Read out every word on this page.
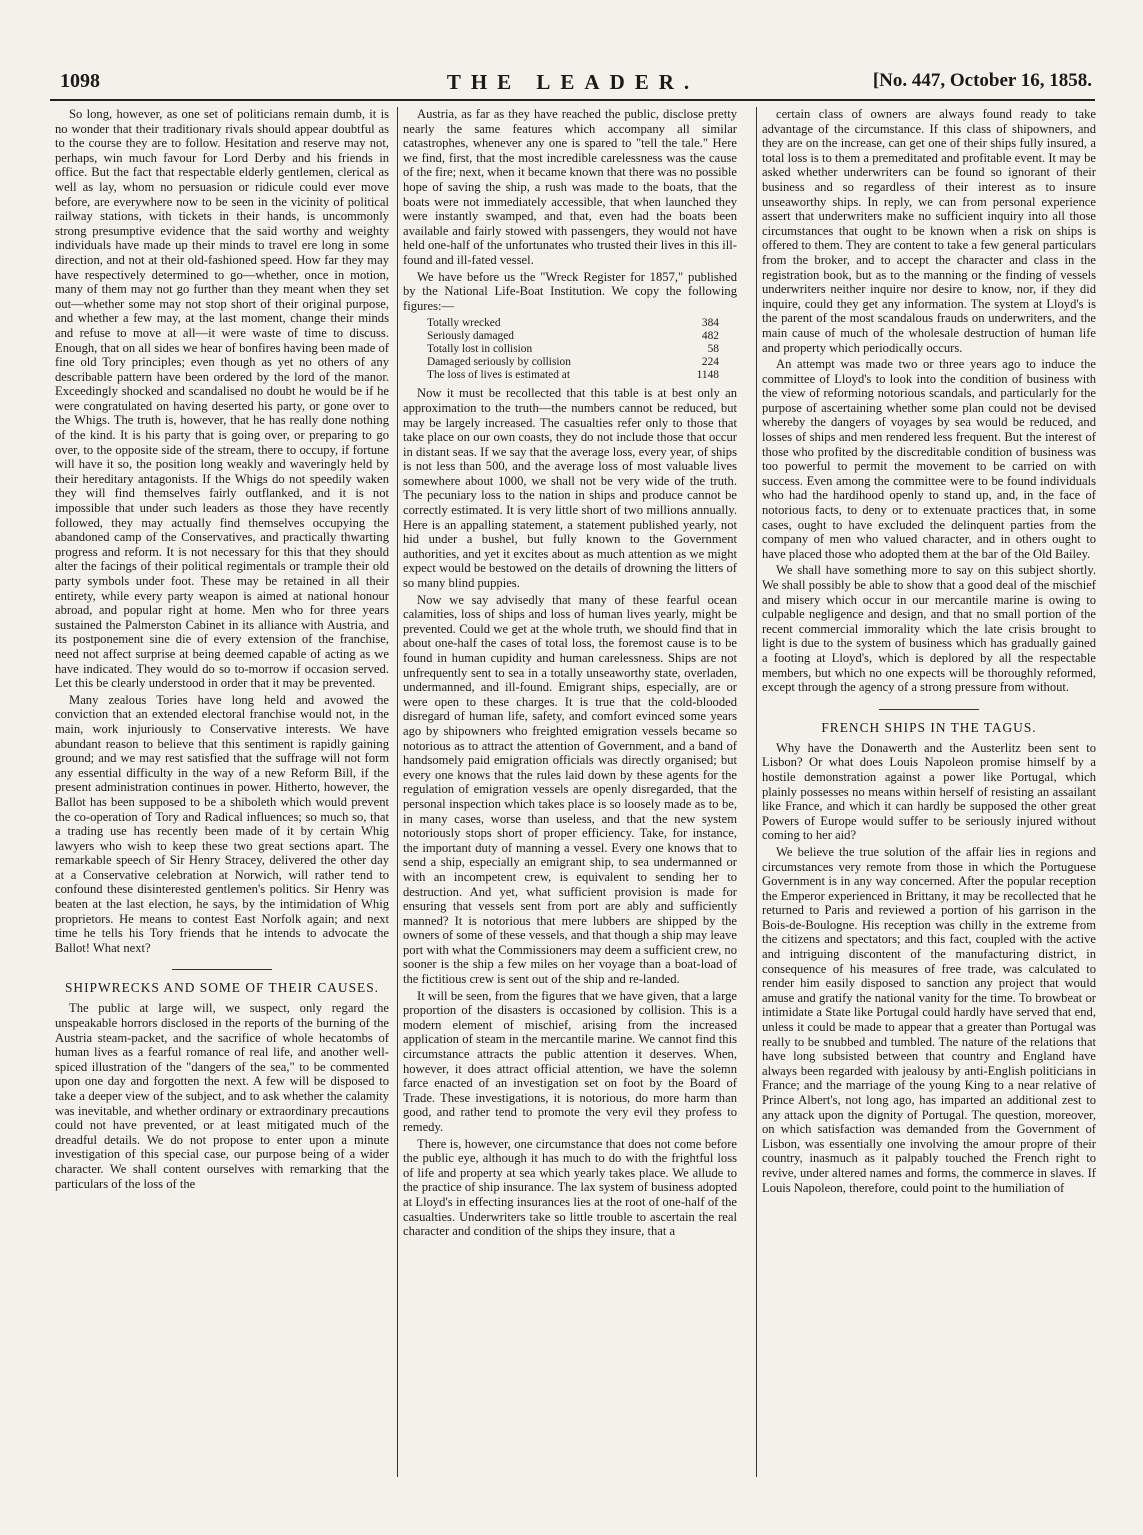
1098	THE LEADER.	[No. 447, October 16, 1858.

So long, however, as one set of politicians remain dumb, it is no wonder that their traditionary rivals should appear doubtful as to the course they are to follow. Hesitation and reserve may not, perhaps, win much favour for Lord Derby and his friends in office. But the fact that respectable elderly gentlemen, clerical as well as lay, whom no persuasion or ridicule could ever move before, are everywhere now to be seen in the vicinity of political railway stations, with tickets in their hands, is uncommonly strong presumptive evidence that the said worthy and weighty individuals have made up their minds to travel ere long in some direction, and not at their old-fashioned speed. How far they may have respectively determined to go—whether, once in motion, many of them may not go further than they meant when they set out—whether some may not stop short of their original purpose, and whether a few may, at the last moment, change their minds and refuse to move at all—it were waste of time to discuss. Enough, that on all sides we hear of bonfires having been made of fine old Tory principles; even though as yet no others of any describable pattern have been ordered by the lord of the manor. Exceedingly shocked and scandalised no doubt he would be if he were congratulated on having deserted his party, or gone over to the Whigs. The truth is, however, that he has really done nothing of the kind. It is his party that is going over, or preparing to go over, to the opposite side of the stream, there to occupy, if fortune will have it so, the position long weakly and waveringly held by their hereditary antagonists. If the Whigs do not speedily waken they will find themselves fairly outflanked, and it is not impossible that under such leaders as those they have recently followed, they may actually find themselves occupying the abandoned camp of the Conservatives, and practically thwarting progress and reform. It is not necessary for this that they should alter the facings of their political regimentals or trample their old party symbols under foot. These may be retained in all their entirety, while every party weapon is aimed at national honour abroad, and popular right at home. Men who for three years sustained the Palmerston Cabinet in its alliance with Austria, and its postponement sine die of every extension of the franchise, need not affect surprise at being deemed capable of acting as we have indicated. They would do so to-morrow if occasion served. Let this be clearly understood in order that it may be prevented.

Many zealous Tories have long held and avowed the conviction that an extended electoral franchise would not, in the main, work injuriously to Conservative interests. We have abundant reason to believe that this sentiment is rapidly gaining ground; and we may rest satisfied that the suffrage will not form any essential difficulty in the way of a new Reform Bill, if the present administration continues in power. Hitherto, however, the Ballot has been supposed to be a shiboleth which would prevent the co-operation of Tory and Radical influences; so much so, that a trading use has recently been made of it by certain Whig lawyers who wish to keep these two great sections apart. The remarkable speech of Sir Henry Stracey, delivered the other day at a Conservative celebration at Norwich, will rather tend to confound these disinterested gentlemen's politics. Sir Henry was beaten at the last election, he says, by the intimidation of Whig proprietors. He means to contest East Norfolk again; and next time he tells his Tory friends that he intends to advocate the Ballot! What next?

SHIPWRECKS AND SOME OF THEIR CAUSES.

The public at large will, we suspect, only regard the unspeakable horrors disclosed in the reports of the burning of the Austria steam-packet, and the sacrifice of whole hecatombs of human lives as a fearful romance of real life, and another well-spiced illustration of the "dangers of the sea," to be commented upon one day and forgotten the next. A few will be disposed to take a deeper view of the subject, and to ask whether the calamity was inevitable, and whether ordinary or extraordinary precautions could not have prevented, or at least mitigated much of the dreadful details. We do not propose to enter upon a minute investigation of this special case, our purpose being of a wider character. We shall content ourselves with remarking that the particulars of the loss of the

Austria, as far as they have reached the public, disclose pretty nearly the same features which accompany all similar catastrophes, whenever any one is spared to "tell the tale." Here we find, first, that the most incredible carelessness was the cause of the fire; next, when it became known that there was no possible hope of saving the ship, a rush was made to the boats, that the boats were not immediately accessible, that when launched they were instantly swamped, and that, even had the boats been available and fairly stowed with passengers, they would not have held one-half of the unfortunates who trusted their lives in this ill-found and ill-fated vessel.

We have before us the "Wreck Register for 1857," published by the National Life-Boat Institution. We copy the following figures:—

Totally wrecked	384
Seriously damaged	482
Totally lost in collision	58
Damaged seriously by collision	224
The loss of lives is estimated at	1148

Now it must be recollected that this table is at best only an approximation to the truth—the numbers cannot be reduced, but may be largely increased. The casualties refer only to those that take place on our own coasts, they do not include those that occur in distant seas. If we say that the average loss, every year, of ships is not less than 500, and the average loss of most valuable lives somewhere about 1000, we shall not be very wide of the truth. The pecuniary loss to the nation in ships and produce cannot be correctly estimated. It is very little short of two millions annually. Here is an appalling statement, a statement published yearly, not hid under a bushel, but fully known to the Government authorities, and yet it excites about as much attention as we might expect would be bestowed on the details of drowning the litters of so many blind puppies.

Now we say advisedly that many of these fearful ocean calamities, loss of ships and loss of human lives yearly, might be prevented. Could we get at the whole truth, we should find that in about one-half the cases of total loss, the foremost cause is to be found in human cupidity and human carelessness. Ships are not unfrequently sent to sea in a totally unseaworthy state, overladen, undermanned, and ill-found. Emigrant ships, especially, are or were open to these charges. It is true that the cold-blooded disregard of human life, safety, and comfort evinced some years ago by shipowners who freighted emigration vessels became so notorious as to attract the attention of Government, and a band of handsomely paid emigration officials was directly organised; but every one knows that the rules laid down by these agents for the regulation of emigration vessels are openly disregarded, that the personal inspection which takes place is so loosely made as to be, in many cases, worse than useless, and that the new system notoriously stops short of proper efficiency. Take, for instance, the important duty of manning a vessel. Every one knows that to send a ship, especially an emigrant ship, to sea undermanned or with an incompetent crew, is equivalent to sending her to destruction. And yet, what sufficient provision is made for ensuring that vessels sent from port are ably and sufficiently manned? It is notorious that mere lubbers are shipped by the owners of some of these vessels, and that though a ship may leave port with what the Commissioners may deem a sufficient crew, no sooner is the ship a few miles on her voyage than a boat-load of the fictitious crew is sent out of the ship and re-landed.

It will be seen, from the figures that we have given, that a large proportion of the disasters is occasioned by collision. This is a modern element of mischief, arising from the increased application of steam in the mercantile marine. We cannot find this circumstance attracts the public attention it deserves. When, however, it does attract official attention, we have the solemn farce enacted of an investigation set on foot by the Board of Trade. These investigations, it is notorious, do more harm than good, and rather tend to promote the very evil they profess to remedy.

There is, however, one circumstance that does not come before the public eye, although it has much to do with the frightful loss of life and property at sea which yearly takes place. We allude to the practice of ship insurance. The lax system of business adopted at Lloyd's in effecting insurances lies at the root of one-half of the casualties. Underwriters take so little trouble to ascertain the real character and condition of the ships they insure, that a

certain class of owners are always found ready to take advantage of the circumstance. If this class of shipowners, and they are on the increase, can get one of their ships fully insured, a total loss is to them a premeditated and profitable event. It may be asked whether underwriters can be found so ignorant of their business and so regardless of their interest as to insure unseaworthy ships. In reply, we can from personal experience assert that underwriters make no sufficient inquiry into all those circumstances that ought to be known when a risk on ships is offered to them. They are content to take a few general particulars from the broker, and to accept the character and class in the registration book, but as to the manning or the finding of vessels underwriters neither inquire nor desire to know, nor, if they did inquire, could they get any information. The system at Lloyd's is the parent of the most scandalous frauds on underwriters, and the main cause of much of the wholesale destruction of human life and property which periodically occurs.

An attempt was made two or three years ago to induce the committee of Lloyd's to look into the condition of business with the view of reforming notorious scandals, and particularly for the purpose of ascertaining whether some plan could not be devised whereby the dangers of voyages by sea would be reduced, and losses of ships and men rendered less frequent. But the interest of those who profited by the discreditable condition of business was too powerful to permit the movement to be carried on with success. Even among the committee were to be found individuals who had the hardihood openly to stand up, and, in the face of notorious facts, to deny or to extenuate practices that, in some cases, ought to have excluded the delinquent parties from the company of men who valued character, and in others ought to have placed those who adopted them at the bar of the Old Bailey.

We shall have something more to say on this subject shortly. We shall possibly be able to show that a good deal of the mischief and misery which occur in our mercantile marine is owing to culpable negligence and design, and that no small portion of the recent commercial immorality which the late crisis brought to light is due to the system of business which has gradually gained a footing at Lloyd's, which is deplored by all the respectable members, but which no one expects will be thoroughly reformed, except through the agency of a strong pressure from without.

FRENCH SHIPS IN THE TAGUS.

Why have the Donawerth and the Austerlitz been sent to Lisbon? Or what does Louis Napoleon promise himself by a hostile demonstration against a power like Portugal, which plainly possesses no means within herself of resisting an assailant like France, and which it can hardly be supposed the other great Powers of Europe would suffer to be seriously injured without coming to her aid?

We believe the true solution of the affair lies in regions and circumstances very remote from those in which the Portuguese Government is in any way concerned. After the popular reception the Emperor experienced in Brittany, it may be recollected that he returned to Paris and reviewed a portion of his garrison in the Bois-de-Boulogne. His reception was chilly in the extreme from the citizens and spectators; and this fact, coupled with the active and intriguing discontent of the manufacturing district, in consequence of his measures of free trade, was calculated to render him easily disposed to sanction any project that would amuse and gratify the national vanity for the time. To browbeat or intimidate a State like Portugal could hardly have served that end, unless it could be made to appear that a greater than Portugal was really to be snubbed and tumbled. The nature of the relations that have long subsisted between that country and England have always been regarded with jealousy by anti-English politicians in France; and the marriage of the young King to a near relative of Prince Albert's, not long ago, has imparted an additional zest to any attack upon the dignity of Portugal. The question, moreover, on which satisfaction was demanded from the Government of Lisbon, was essentially one involving the amour propre of their country, inasmuch as it palpably touched the French right to revive, under altered names and forms, the commerce in slaves. If Louis Napoleon, therefore, could point to the humiliation of
